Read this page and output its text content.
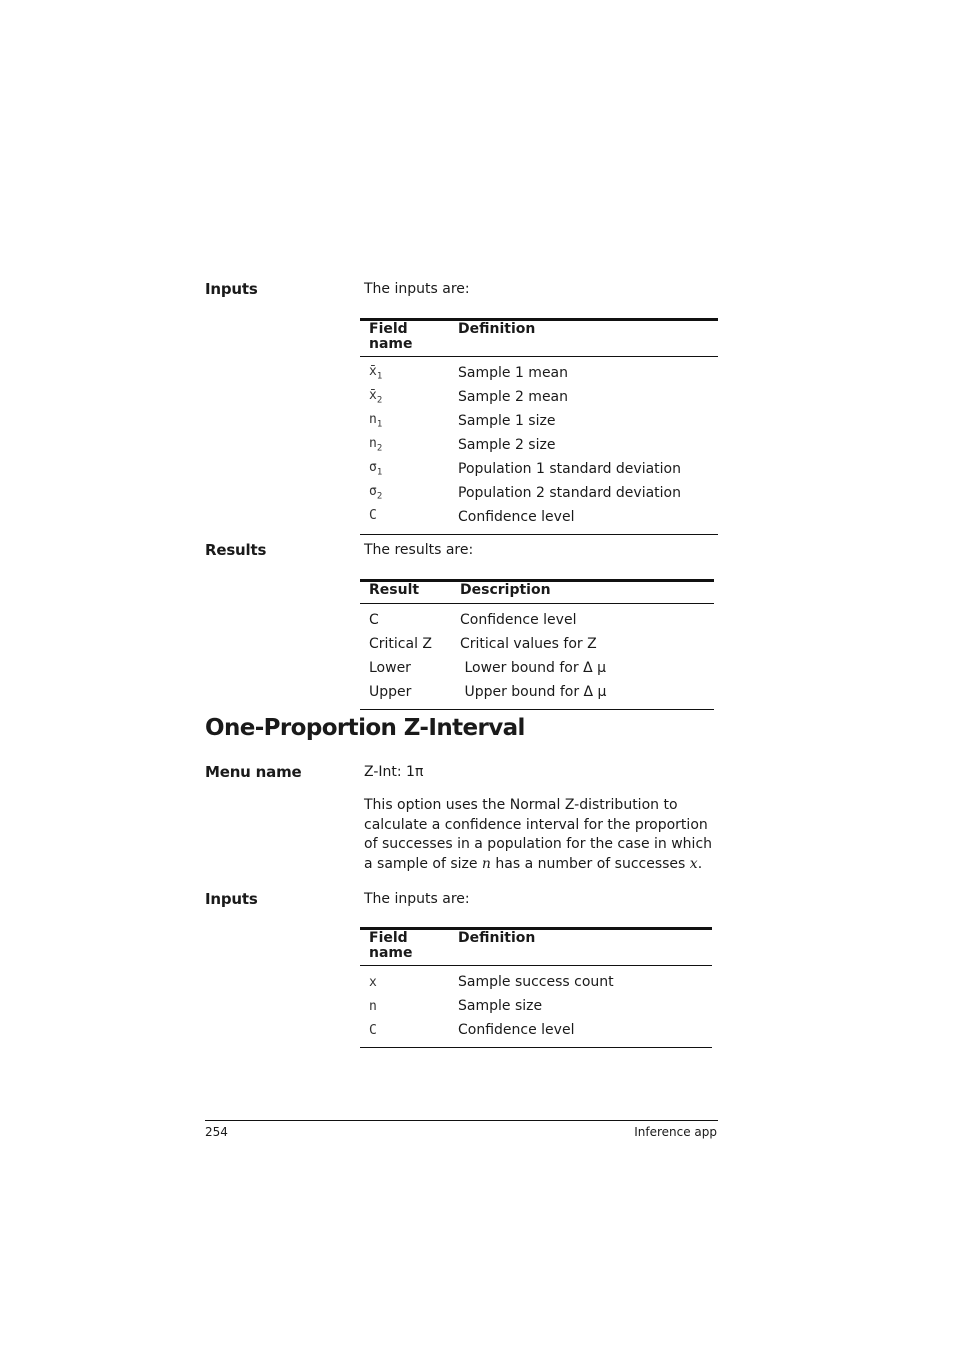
Inputs	The inputs are:
Field name	Definition
$x̄_1$	Sample 1 mean
$x̄_2$	Sample 2 mean
$n_1$	Sample 1 size
$n_2$	Sample 2 size
$\sigma_1$	Population 1 standard deviation
$\sigma_2$	Population 2 standard deviation
C	Confidence level
Results	The results are:
Result	Description
C	Confidence level
Critical Z	Critical values for Z
Lower	Lower bound for Δ μ
Upper	Upper bound for Δ μ
One-Proportion Z-Interval
Menu name	Z-Int: 1π
This option uses the Normal Z-distribution to calculate a confidence interval for the proportion of successes in a population for the case in which a sample of size n has a number of successes x.
Inputs	The inputs are:
Field name	Definition
x	Sample success count
n	Sample size
C	Confidence level
254	Inference app
